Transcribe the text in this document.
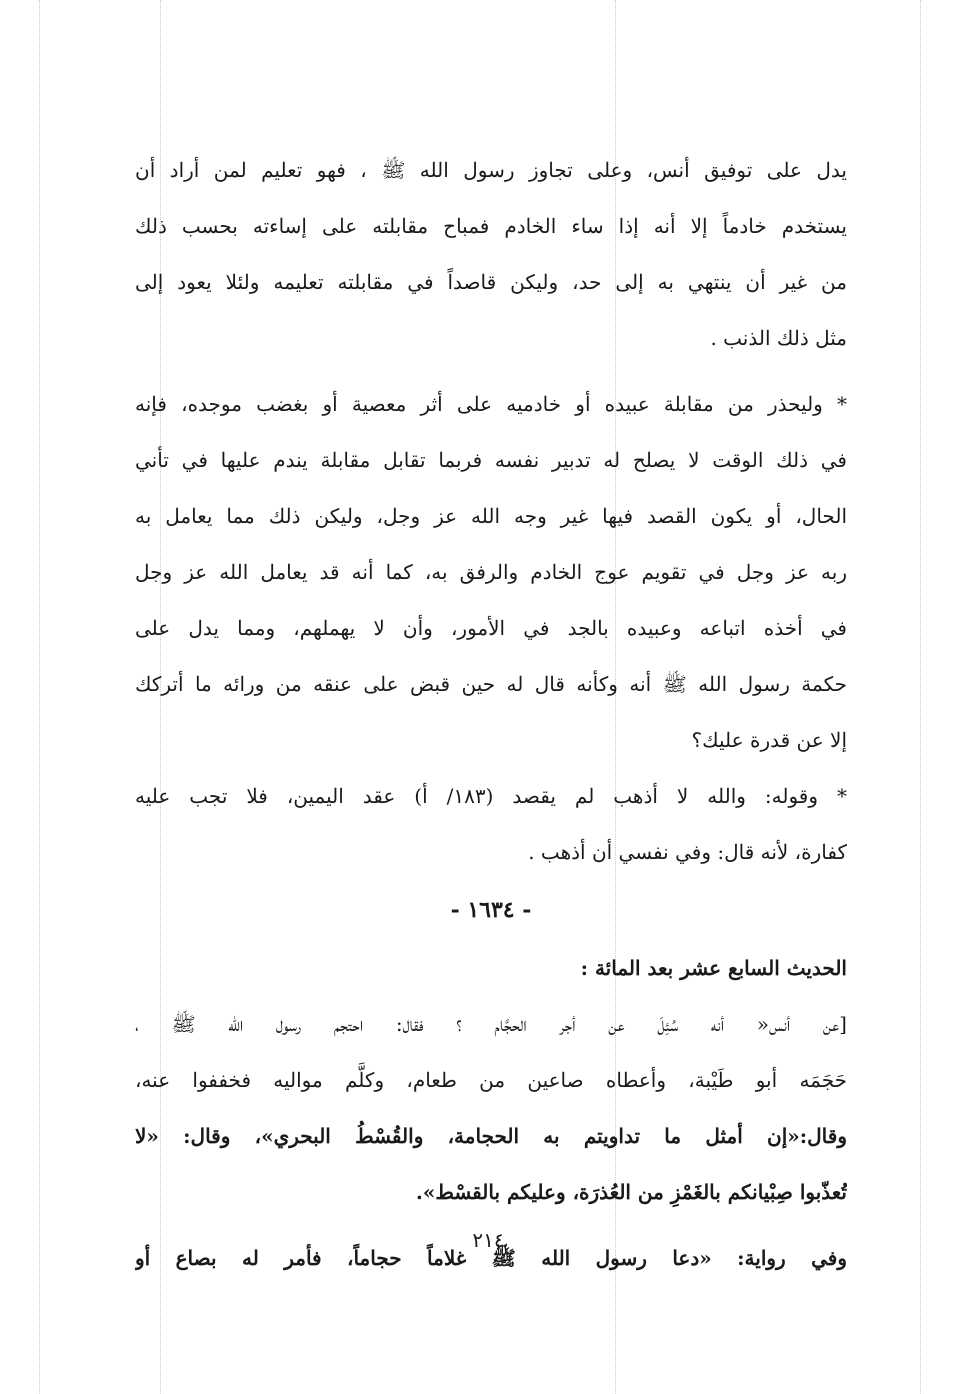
يدل على توفيق أنس، وعلى تجاوز رسول الله ﷺ ، فهو تعليم لمن أراد أن
يستخدم خادماً إلا أنه إذا ساء الخادم فمباح مقابلته على إساءته بحسب ذلك
من غير أن ينتهي به إلى حد، وليكن قاصداً في مقابلته تعليمه ولئلا يعود إلى
مثل ذلك الذنب .
* وليحذر من مقابلة عبيده أو خادميه على أثر معصية أو بغضب موجده، فإنه
في ذلك الوقت لا يصلح له تدبير نفسه فربما تقابل مقابلة يندم عليها في تأني
الحال، أو يكون القصد فيها غير وجه الله عز وجل، وليكن ذلك مما يعامل به
ربه عز وجل في تقويم عوج الخادم والرفق به، كما أنه قد يعامل الله عز وجل
في أخذه اتباعه وعبيده بالجد في الأمور، وأن لا يهملهم، ومما يدل على
حكمة رسول الله ﷺ أنه وكأنه قال له حين قبض على عنقه من ورائه ما أتركك
إلا عن قدرة عليك؟
* وقوله: والله لا أذهب لم يقصد (١٨٣/ أ) عقد اليمين، فلا تجب عليه
كفارة، لأنه قال: وفي نفسي أن أذهب .
- ١٦٣٤ -
الحديث السابع عشر بعد المائة :
[عن أنس« أنه سُئِلَ عن أجر الحجَّام ؟ فقال: احتجم رسول الله ﷺ ،
حَجَمَه أبو طَيْبة، وأعطاه صاعين من طعام، وكلَّم مواليه فخففوا عنه،
وقال:«إن أمثل ما تداويتم به الحجامة، والقُسْطُ البحري»، وقال: «لا
تُعذّبوا صِبْيانكم بالغَمْزِ من العُذرَة، وعليكم بالقسْط».
وفي رواية: «دعا رسول الله ﷺ غلاماً حجاماً، فأمر له بصاع أو
٢١٤
